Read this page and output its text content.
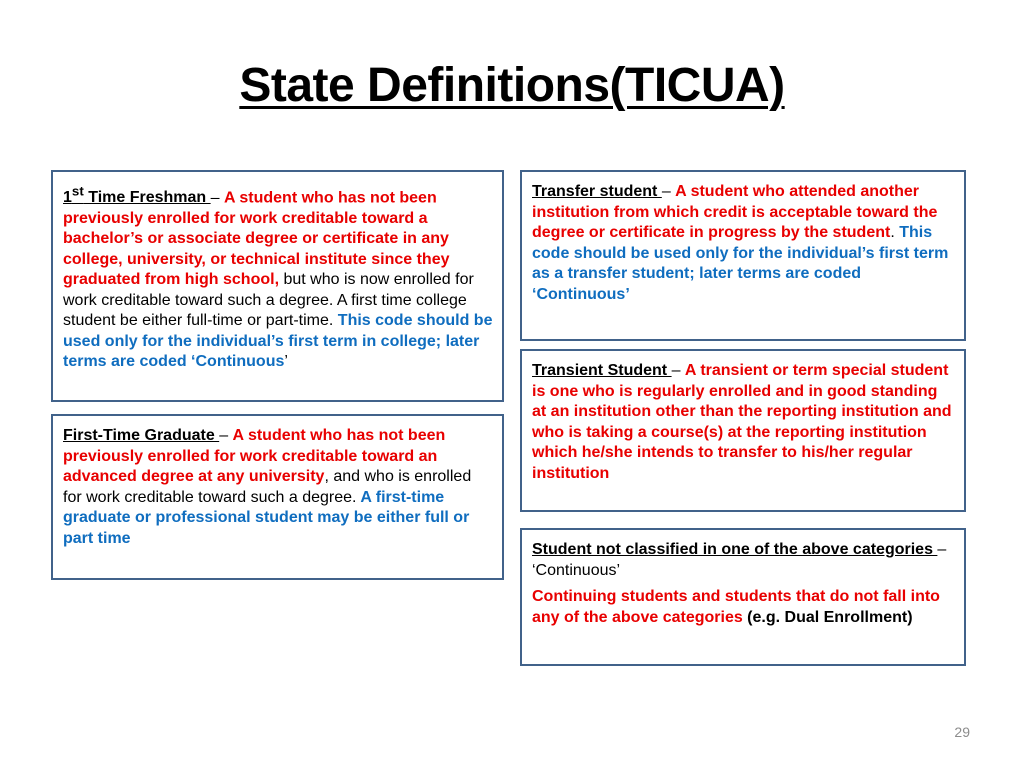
State Definitions(TICUA)
1st Time Freshman – A student who has not been previously enrolled for work creditable toward a bachelor’s or associate degree or certificate in any college, university, or technical institute since they graduated from high school, but who is now enrolled for work creditable toward such a degree. A first time college student be either full-time or part-time. This code should be used only for the individual’s first term in college; later terms are coded ‘Continuous’
First-Time Graduate – A student who has not been previously enrolled for work creditable toward an advanced degree at any university, and who is enrolled for work creditable toward such a degree. A first-time graduate or professional student may be either full or part time
Transfer student – A student who attended another institution from which credit is acceptable toward the degree or certificate in progress by the student. This code should be used only for the individual’s first term as a transfer student; later terms are coded ‘Continuous’
Transient Student – A transient or term special student is one who is regularly enrolled and in good standing at an institution other than the reporting institution and who is taking a course(s) at the reporting institution which he/she intends to transfer to his/her regular institution
Student not classified in one of the above categories – ‘Continuous’
Continuing students and students that do not fall into any of the above categories (e.g. Dual Enrollment)
29
